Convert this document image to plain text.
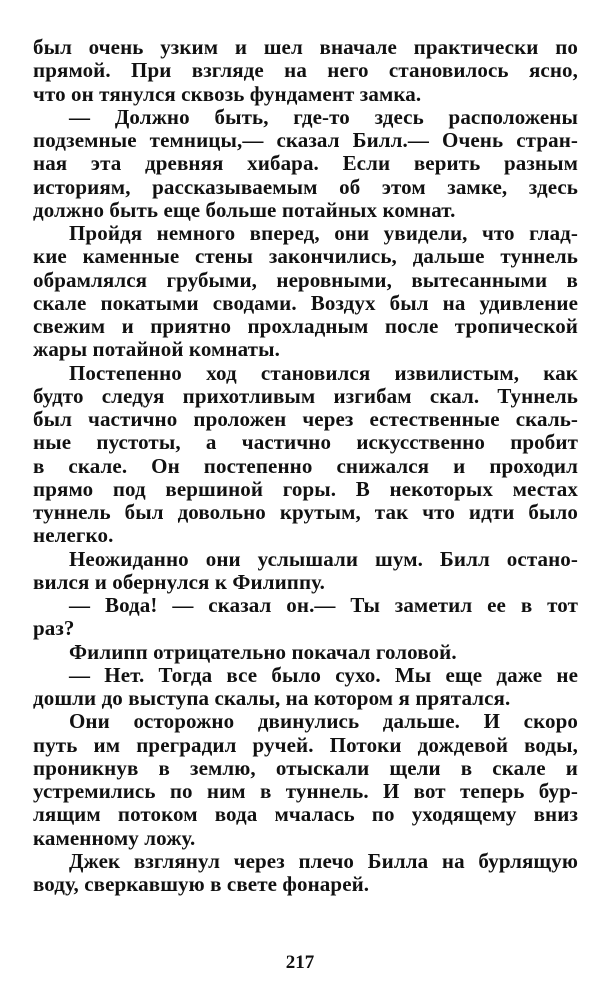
был очень узким и шел вначале практически по
прямой. При взгляде на него становилось ясно,
что он тянулся сквозь фундамент замка.
— Должно быть, где-то здесь расположены
подземные темницы,— сказал Билл.— Очень стран-
ная эта древняя хибара. Если верить разным
историям, рассказываемым об этом замке, здесь
должно быть еще больше потайных комнат.
Пройдя немного вперед, они увидели, что глад-
кие каменные стены закончились, дальше туннель
обрамлялся грубыми, неровными, вытесанными в
скале покатыми сводами. Воздух был на удивление
свежим и приятно прохладным после тропической
жары потайной комнаты.
Постепенно ход становился извилистым, как
будто следуя прихотливым изгибам скал. Туннель
был частично проложен через естественные скаль-
ные пустоты, а частично искусственно пробит
в скале. Он постепенно снижался и проходил
прямо под вершиной горы. В некоторых местах
туннель был довольно крутым, так что идти было
нелегко.
Неожиданно они услышали шум. Билл остано-
вился и обернулся к Филиппу.
— Вода! — сказал он.— Ты заметил ее в тот
раз?
Филипп отрицательно покачал головой.
— Нет. Тогда все было сухо. Мы еще даже не
дошли до выступа скалы, на котором я прятался.
Они осторожно двинулись дальше. И скоро
путь им преградил ручей. Потоки дождевой воды,
проникнув в землю, отыскали щели в скале и
устремились по ним в туннель. И вот теперь бур-
лящим потоком вода мчалась по уходящему вниз
каменному ложу.
Джек взглянул через плечо Билла на бурлящую
воду, сверкавшую в свете фонарей.
217
